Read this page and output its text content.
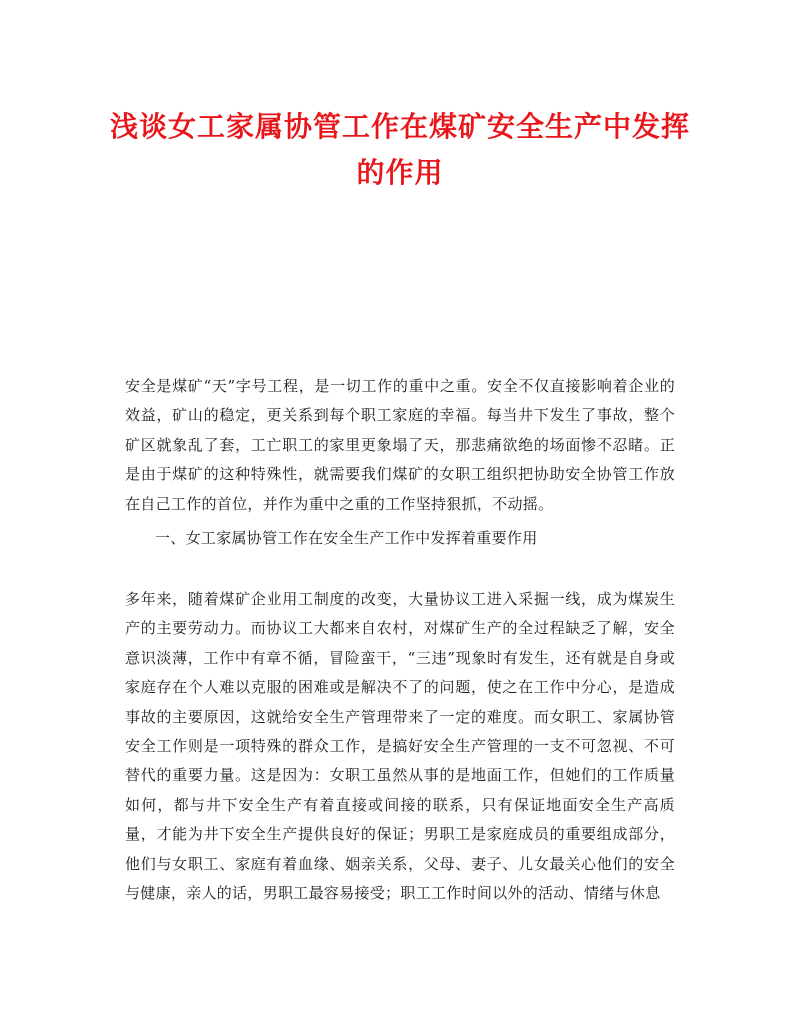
浅谈女工家属协管工作在煤矿安全生产中发挥的作用

安全是煤矿“天”字号工程，是一切工作的重中之重。安全不仅直接影响着企业的效益，矿山的稳定，更关系到每个职工家庭的幸福。每当井下发生了事故，整个矿区就象乱了套，工亡职工的家里更象塌了天，那悲痛欲绝的场面惨不忍睹。正是由于煤矿的这种特殊性，就需要我们煤矿的女职工组织把协助安全协管工作放在自己工作的首位，并作为重中之重的工作坚持狠抓，不动摇。

一、女工家属协管工作在安全生产工作中发挥着重要作用

多年来，随着煤矿企业用工制度的改变，大量协议工进入采掘一线，成为煤炭生产的主要劳动力。而协议工大都来自农村，对煤矿生产的全过程缺乏了解，安全意识淡薄，工作中有章不循，冒险蛮干，“三违”现象时有发生，还有就是自身或家庭存在个人难以克服的困难或是解决不了的问题，使之在工作中分心，是造成事故的主要原因，这就给安全生产管理带来了一定的难度。而女职工、家属协管安全工作则是一项特殊的群众工作，是搞好安全生产管理的一支不可忽视、不可替代的重要力量。这是因为：女职工虽然从事的是地面工作，但她们的工作质量如何，都与井下安全生产有着直接或间接的联系，只有保证地面安全生产高质量，才能为井下安全生产提供良好的保证；男职工是家庭成员的重要组成部分，他们与女职工、家庭有着血缘、姻亲关系，父母、妻子、儿女最关心他们的安全与健康，亲人的话，男职工最容易接受；职工工作时间以外的活动、情绪与休息
